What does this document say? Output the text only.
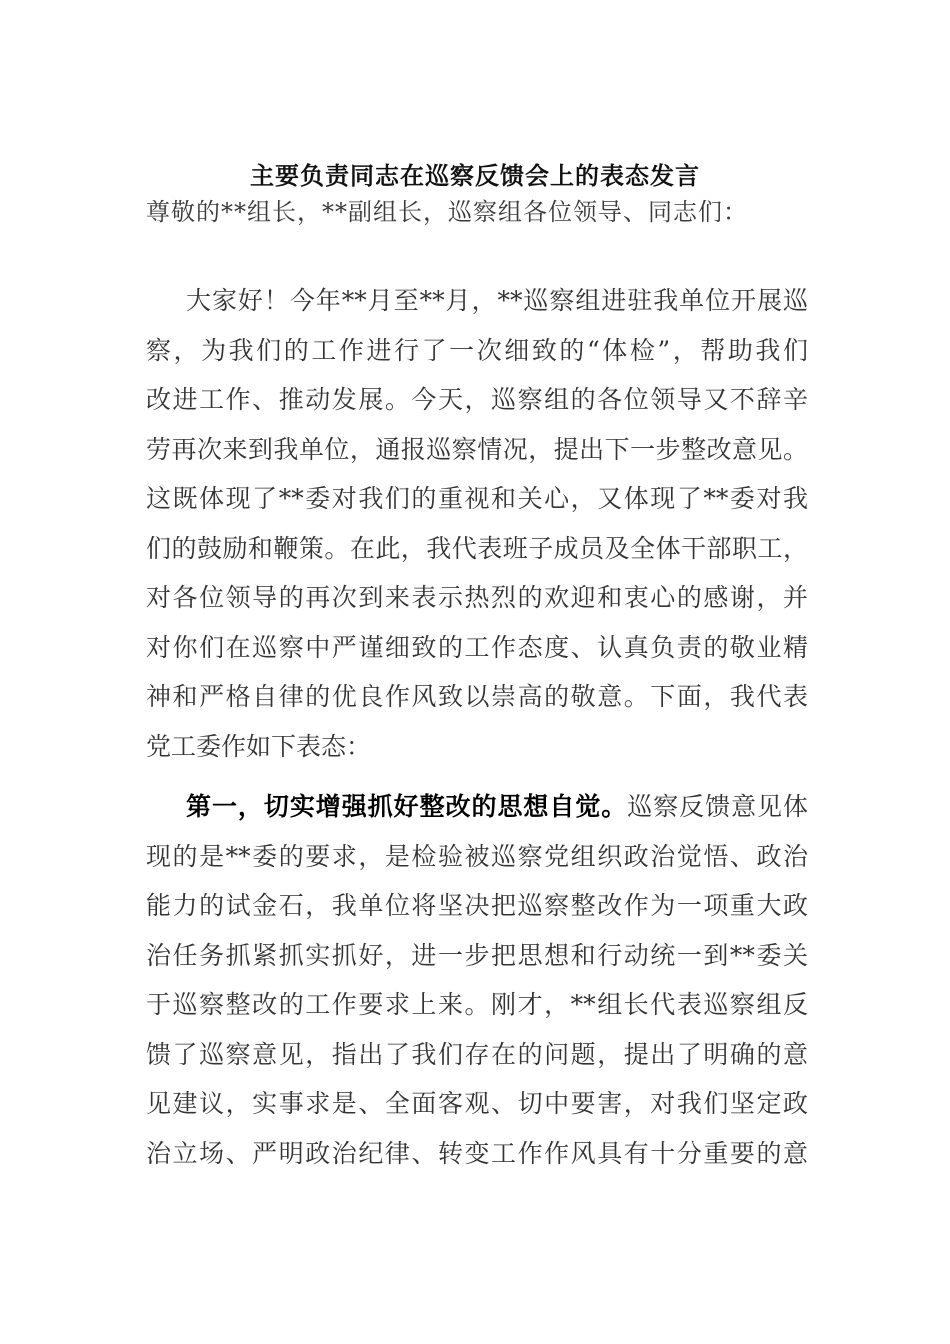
主要负责同志在巡察反馈会上的表态发言
尊敬的**组长，**副组长，巡察组各位领导、同志们：
大家好！今年**月至**月，**巡察组进驻我单位开展巡
察，为我们的工作进行了一次细致的“体检”，帮助我们
改进工作、推动发展。今天，巡察组的各位领导又不辞辛
劳再次来到我单位，通报巡察情况，提出下一步整改意见。
这既体现了**委对我们的重视和关心，又体现了**委对我
们的鼓励和鞭策。在此，我代表班子成员及全体干部职工，
对各位领导的再次到来表示热烈的欢迎和衷心的感谢，并
对你们在巡察中严谨细致的工作态度、认真负责的敬业精
神和严格自律的优良作风致以崇高的敬意。下面，我代表
党工委作如下表态：
第一，切实增强抓好整改的思想自觉。巡察反馈意见体
现的是**委的要求，是检验被巡察党组织政治觉悟、政治
能力的试金石，我单位将坚决把巡察整改作为一项重大政
治任务抓紧抓实抓好，进一步把思想和行动统一到**委关
于巡察整改的工作要求上来。刚才，**组长代表巡察组反
馈了巡察意见，指出了我们存在的问题，提出了明确的意
见建议，实事求是、全面客观、切中要害，对我们坚定政
治立场、严明政治纪律、转变工作作风具有十分重要的意
